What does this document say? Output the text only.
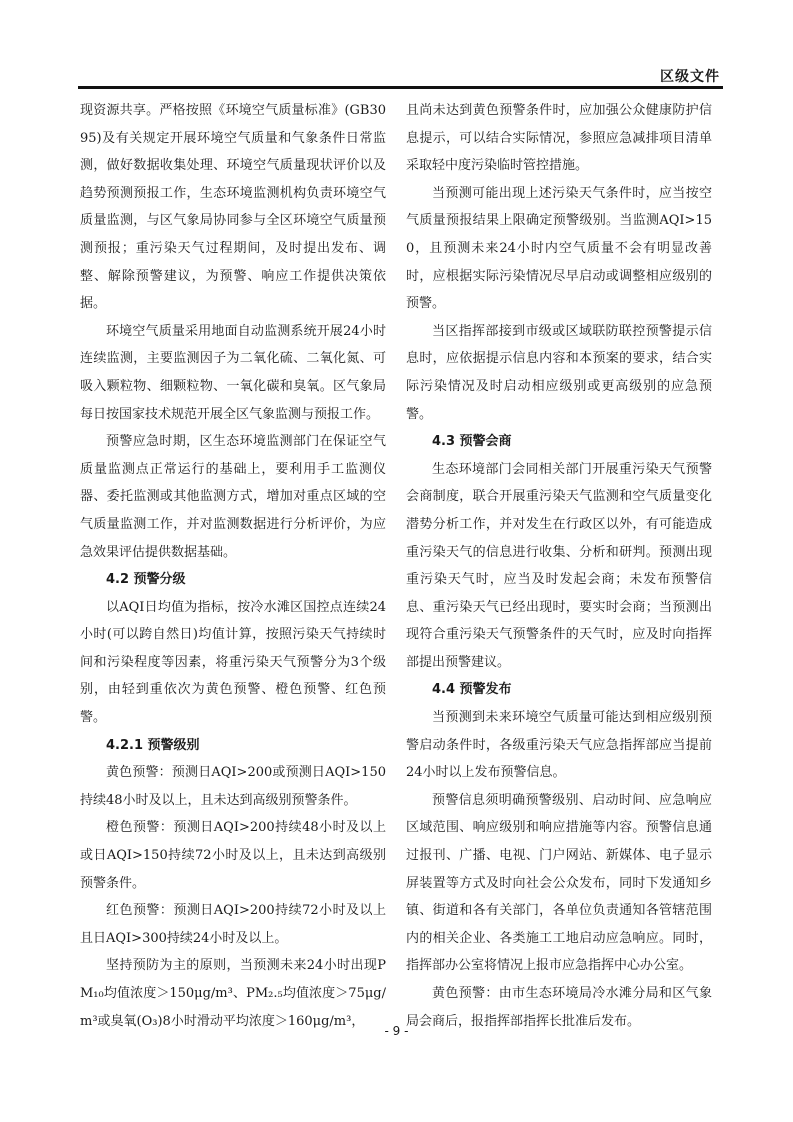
区级文件

现资源共享。严格按照《环境空气质量标准》(GB3095)及有关规定开展环境空气质量和气象条件日常监测，做好数据收集处理、环境空气质量现状评价以及趋势预测预报工作，生态环境监测机构负责环境空气质量监测，与区气象局协同参与全区环境空气质量预测预报；重污染天气过程期间，及时提出发布、调整、解除预警建议，为预警、响应工作提供决策依据。

环境空气质量采用地面自动监测系统开展24小时连续监测，主要监测因子为二氧化硫、二氧化氮、可吸入颗粒物、细颗粒物、一氧化碳和臭氧。区气象局每日按国家技术规范开展全区气象监测与预报工作。

预警应急时期，区生态环境监测部门在保证空气质量监测点正常运行的基础上，要利用手工监测仪器、委托监测或其他监测方式，增加对重点区域的空气质量监测工作，并对监测数据进行分析评价，为应急效果评估提供数据基础。

4.2 预警分级

以AQI日均值为指标，按冷水滩区国控点连续24小时(可以跨自然日)均值计算，按照污染天气持续时间和污染程度等因素，将重污染天气预警分为3个级别，由轻到重依次为黄色预警、橙色预警、红色预警。

4.2.1 预警级别

黄色预警：预测日AQI>200或预测日AQI>150持续48小时及以上，且未达到高级别预警条件。

橙色预警：预测日AQI>200持续48小时及以上或日AQI>150持续72小时及以上，且未达到高级别预警条件。

红色预警：预测日AQI>200持续72小时及以上且日AQI>300持续24小时及以上。

坚持预防为主的原则，当预测未来24小时出现PM₁₀均值浓度＞150μg/m³、PM₂.₅均值浓度＞75μg/m³或臭氧(O₃)8小时滑动平均浓度＞160μg/m³，

且尚未达到黄色预警条件时，应加强公众健康防护信息提示，可以结合实际情况，参照应急减排项目清单采取轻中度污染临时管控措施。

当预测可能出现上述污染天气条件时，应当按空气质量预报结果上限确定预警级别。当监测AQI>150，且预测未来24小时内空气质量不会有明显改善时，应根据实际污染情况尽早启动或调整相应级别的预警。

当区指挥部接到市级或区域联防联控预警提示信息时，应依据提示信息内容和本预案的要求，结合实际污染情况及时启动相应级别或更高级别的应急预警。

4.3 预警会商

生态环境部门会同相关部门开展重污染天气预警会商制度，联合开展重污染天气监测和空气质量变化潜势分析工作，并对发生在行政区以外，有可能造成重污染天气的信息进行收集、分析和研判。预测出现重污染天气时，应当及时发起会商；未发布预警信息、重污染天气已经出现时，要实时会商；当预测出现符合重污染天气预警条件的天气时，应及时向指挥部提出预警建议。

4.4 预警发布

当预测到未来环境空气质量可能达到相应级别预警启动条件时，各级重污染天气应急指挥部应当提前24小时以上发布预警信息。

预警信息须明确预警级别、启动时间、应急响应区域范围、响应级别和响应措施等内容。预警信息通过报刊、广播、电视、门户网站、新媒体、电子显示屏装置等方式及时向社会公众发布，同时下发通知乡镇、街道和各有关部门，各单位负责通知各管辖范围内的相关企业、各类施工工地启动应急响应。同时，指挥部办公室将情况上报市应急指挥中心办公室。

黄色预警：由市生态环境局冷水滩分局和区气象局会商后，报指挥部指挥长批准后发布。

- 9 -
